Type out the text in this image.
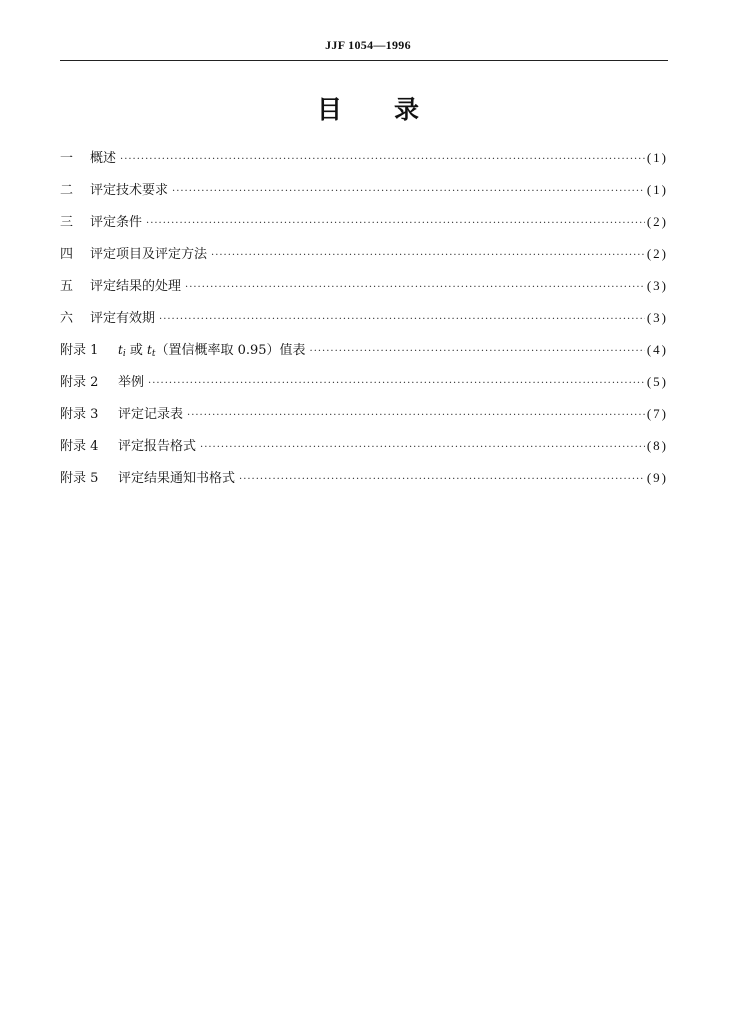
JJF 1054—1996
目 录
一	概述 ·····	(1)
二	评定技术要求 ·····	(1)
三	评定条件 ·····	(2)
四	评定项目及评定方法 ·····	(2)
五	评定结果的处理 ·····	(3)
六	评定有效期 ·····	(3)
附录 1	$t_i$ 或 $t_t$（置信概率取 0.95）值表 ·····	(4)
附录 2	举例 ·····	(5)
附录 3	评定记录表 ·····	(7)
附录 4	评定报告格式 ·····	(8)
附录 5	评定结果通知书格式 ·····	(9)
